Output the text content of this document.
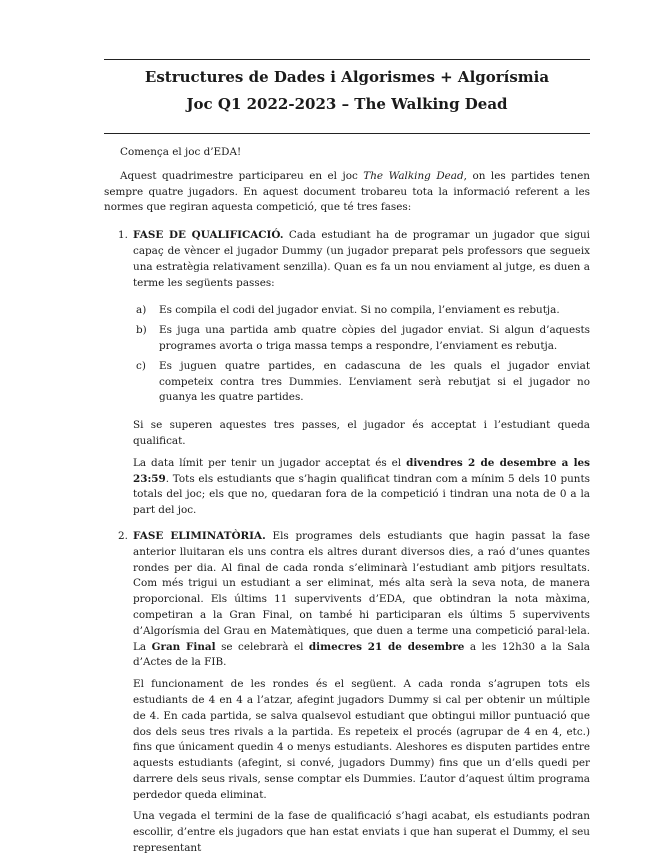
Estructures de Dades i Algorismes + Algorísmia
Joc Q1 2022-2023 – The Walking Dead

Comença el joc d’EDA!

Aquest quadrimestre participareu en el joc The Walking Dead, on les partides tenen sempre quatre jugadors. En aquest document trobareu tota la informació referent a les normes que regiran aquesta competició, que té tres fases:

1. FASE DE QUALIFICACIÓ. Cada estudiant ha de programar un jugador que sigui capaç de vèncer el jugador Dummy (un jugador preparat pels professors que segueix una estratègia relativament senzilla). Quan es fa un nou enviament al jutge, es duen a terme les següents passes:

a) Es compila el codi del jugador enviat. Si no compila, l’enviament es rebutja.

b) Es juga una partida amb quatre còpies del jugador enviat. Si algun d’aquests programes avorta o triga massa temps a respondre, l’enviament es rebutja.

c) Es juguen quatre partides, en cadascuna de les quals el jugador enviat competeix contra tres Dummies. L’enviament serà rebutjat si el jugador no guanya les quatre partides.

Si se superen aquestes tres passes, el jugador és acceptat i l’estudiant queda qualificat.

La data límit per tenir un jugador acceptat és el divendres 2 de desembre a les 23:59. Tots els estudiants que s’hagin qualificat tindran com a mínim 5 dels 10 punts totals del joc; els que no, quedaran fora de la competició i tindran una nota de 0 a la part del joc.

2. FASE ELIMINATÒRIA. Els programes dels estudiants que hagin passat la fase anterior lluitaran els uns contra els altres durant diversos dies, a raó d’unes quantes rondes per dia. Al final de cada ronda s’eliminarà l’estudiant amb pitjors resultats. Com més trigui un estudiant a ser eliminat, més alta serà la seva nota, de manera proporcional. Els últims 11 supervivents d’EDA, que obtindran la nota màxima, competiran a la Gran Final, on també hi participaran els últims 5 supervivents d’Algorísmia del Grau en Matemàtiques, que duen a terme una competició paral·lela. La Gran Final se celebrarà el dimecres 21 de desembre a les 12h30 a la Sala d’Actes de la FIB.

El funcionament de les rondes és el següent. A cada ronda s’agrupen tots els estudiants de 4 en 4 a l’atzar, afegint jugadors Dummy si cal per obtenir un múltiple de 4. En cada partida, se salva qualsevol estudiant que obtingui millor puntuació que dos dels seus tres rivals a la partida. Es repeteix el procés (agrupar de 4 en 4, etc.) fins que únicament quedin 4 o menys estudiants. Aleshores es disputen partides entre aquests estudiants (afegint, si convé, jugadors Dummy) fins que un d’ells quedi per darrere dels seus rivals, sense comptar els Dummies. L’autor d’aquest últim programa perdedor queda eliminat.

Una vegada el termini de la fase de qualificació s’hagi acabat, els estudiants podran escollir, d’entre els jugadors que han estat enviats i que han superat el Dummy, el seu representant
